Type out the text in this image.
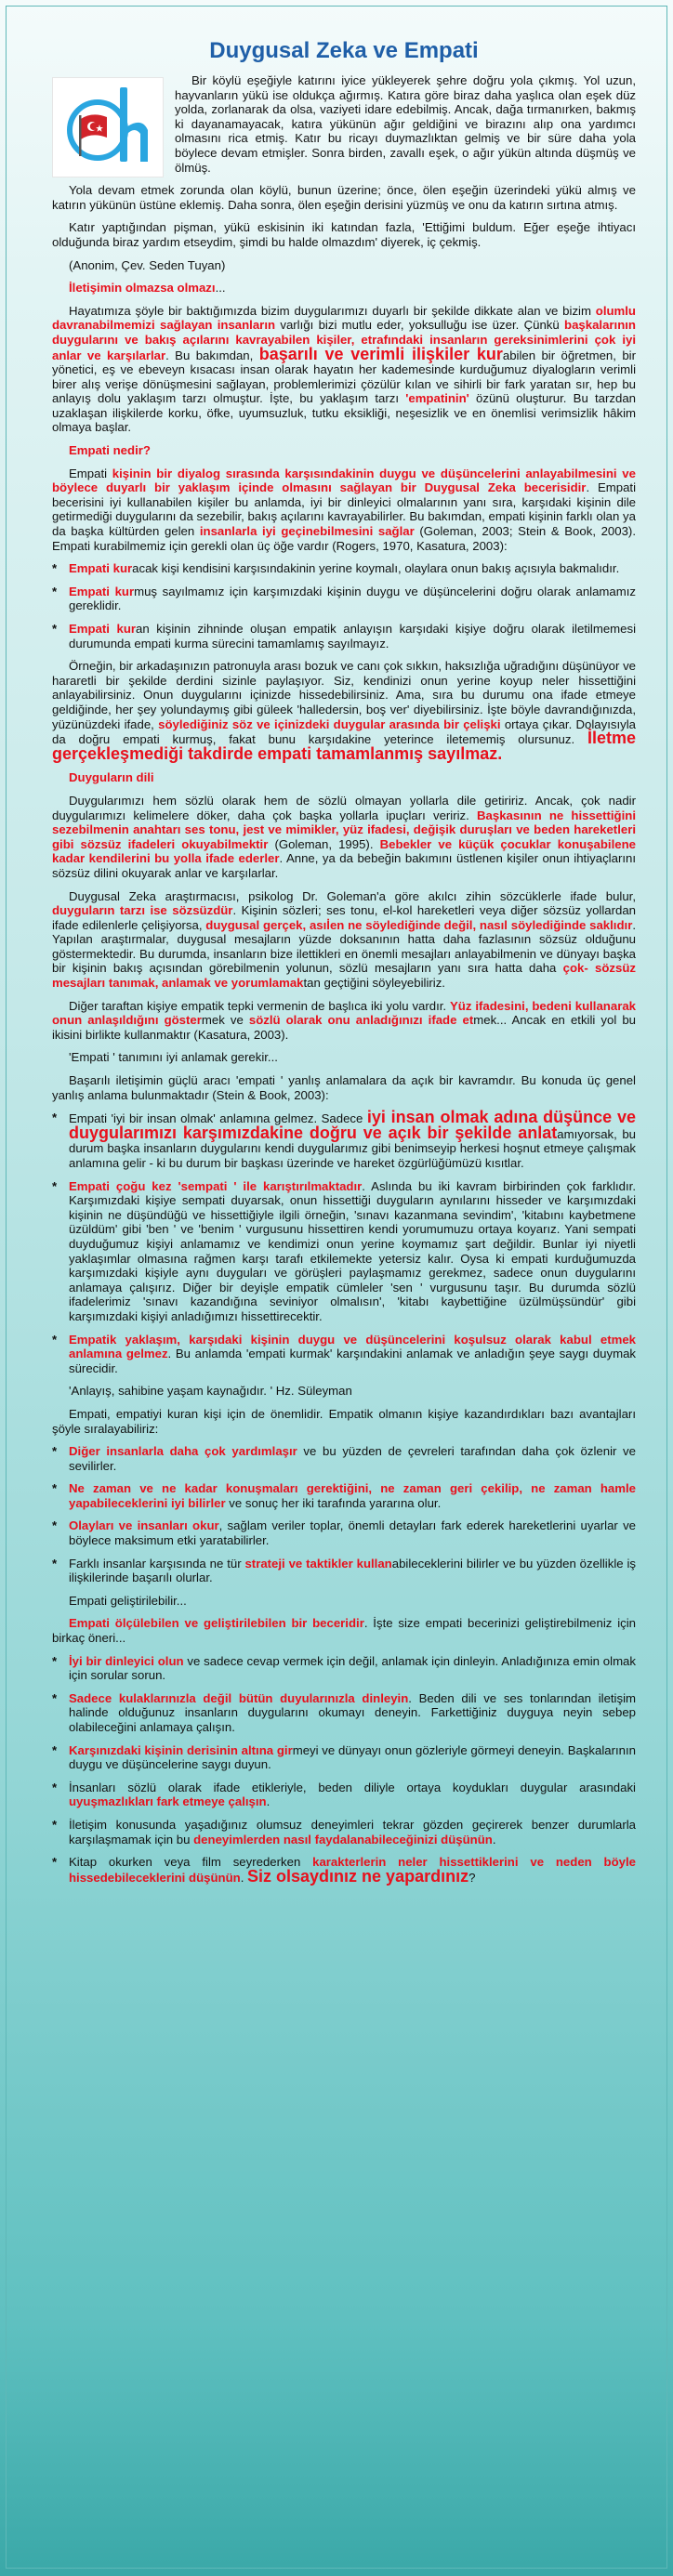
Duygusal Zeka ve Empati

Bir köylü eşeğiyle katırını iyice yükleyerek şehre doğru yola çıkmış. Yol uzun, hayvanların yükü ise oldukça ağırmış. Katıra göre biraz daha yaşlıca olan eşek düz yolda, zorlanarak da olsa, vaziyeti idare edebilmiş. Ancak, dağa tırmanırken, bakmış ki dayanamayacak, katıra yükünün ağır geldiğini ve birazını alıp ona yardımcı olmasını rica etmiş. Katır bu ricayı duymazlıktan gelmiş ve bir süre daha yola böylece devam etmişler. Sonra birden, zavallı eşek, o ağır yükün altında düşmüş ve ölmüş.

Yola devam etmek zorunda olan köylü, bunun üzerine; önce, ölen eşeğin üzerindeki yükü almış ve katırın yükünün üstüne eklemiş. Daha sonra, ölen eşeğin derisini yüzmüş ve onu da katırın sırtına atmış.

Katır yaptığından pişman, yükü eskisinin iki katından fazla, 'Ettiğimi buldum. Eğer eşeğe ihtiyacı olduğunda biraz yardım etseydim, şimdi bu halde olmazdım' diyerek, iç çekmiş.

(Anonim, Çev. Seden Tuyan)

İletişimin olmazsa olmazı...

Hayatımıza şöyle bir baktığımızda bizim duygularımızı duyarlı bir şekilde dikkate alan ve bizim olumlu davranabilmemizi sağlayan insanların varlığı bizi mutlu eder, yoksulluğu ise üzer. Çünkü başkalarının duygularını ve bakış açılarını kavrayabilen kişiler, etrafındaki insanların gereksinimlerini çok iyi anlar ve karşılarlar. Bu bakımdan, başarılı ve verimli ilişkiler kurabilen bir öğretmen, bir yönetici, eş ve ebeveyn kısacası insan olarak hayatın her kademesinde kurduğumuz diyalogların verimli birer alış verişe dönüşmesini sağlayan, problemlerimizi çözülür kılan ve sihirli bir fark yaratan sır, hep bu anlayış dolu yaklaşım tarzı olmuştur. İşte, bu yaklaşım tarzı 'empatinin' özünü oluşturur. Bu tarzdan uzaklaşan ilişkilerde korku, öfke, uyumsuzluk, tutku eksikliği, neşesizlik ve en önemlisi verimsizlik hâkim olmaya başlar.

Empati nedir?

Empati kişinin bir diyalog sırasında karşısındakinin duygu ve düşüncelerini anlayabilmesini ve böylece duyarlı bir yaklaşım içinde olmasını sağlayan bir Duygusal Zeka becerisidir. Empati becerisini iyi kullanabilen kişiler bu anlamda, iyi bir dinleyici olmalarının yanı sıra, karşıdaki kişinin dile getirmediği duygularını da sezebilir, bakış açılarını kavrayabilirler. Bu bakımdan, empati kişinin farklı olan ya da başka kültürden gelen insanlarla iyi geçinebilmesini sağlar (Goleman, 2003; Stein & Book, 2003). Empati kurabilmemiz için gerekli olan üç öğe vardır (Rogers, 1970, Kasatura, 2003):

* Empati kuracak kişi kendisini karşısındakinin yerine koymalı, olaylara onun bakış açısıyla bakmalıdır.
* Empati kurmuş sayılmamız için karşımızdaki kişinin duygu ve düşüncelerini doğru olarak anlamamız gereklidir.
* Empati kuran kişinin zihninde oluşan empatik anlayışın karşıdaki kişiye doğru olarak iletilmemesi durumunda empati kurma sürecini tamamlamış sayılmayız.

Örneğin, bir arkadaşınızın patronuyla arası bozuk ve canı çok sıkkın, haksızlığa uğradığını düşünüyor ve hararetli bir şekilde derdini sizinle paylaşıyor. Siz, kendinizi onun yerine koyup neler hissettiğini anlayabilirsiniz. Onun duygularını içinizde hissedebilirsiniz. Ama, sıra bu durumu ona ifade etmeye geldiğinde, her şey yolundaymış gibi güleek 'halledersin, boş ver' diyebilirsiniz. İşte böyle davrandığınızda, yüzünüzdeki ifade, söylediğiniz söz ve içinizdeki duygular arasında bir çelişki ortaya çıkar. Dolayısıyla da doğru empati kurmuş, fakat bunu karşıdakine yeterince iletememiş olursunuz. İletme gerçekleşmediği takdirde empati tamamlanmış sayılmaz.

Duyguların dili

Duygularımızı hem sözlü olarak hem de sözlü olmayan yollarla dile getiririz. Ancak, çok nadir duygularımızı kelimelere döker, daha çok başka yollarla ipuçları veririz. Başkasının ne hissettiğini sezebilmenin anahtarı ses tonu, jest ve mimikler, yüz ifadesi, değişik duruşları ve beden hareketleri gibi sözsüz ifadeleri okuyabilmektir (Goleman, 1995). Bebekler ve küçük çocuklar konuşabilene kadar kendilerini bu yolla ifade ederler. Anne, ya da bebeğin bakımını üstlenen kişiler onun ihtiyaçlarını sözsüz dilini okuyarak anlar ve karşılarlar.

Duygusal Zeka araştırmacısı, psikolog Dr. Goleman'a göre akılcı zihin sözcüklerle ifade bulur, duyguların tarzı ise sözsüzdür. Kişinin sözleri; ses tonu, el-kol hareketleri veya diğer sözsüz yollardan ifade edilenlerle çelişiyorsa, duygusal gerçek, asıl̇en ne söylediğinde değil, nasıl söylediğinde saklıdır. Yapılan araştırmalar, duygusal mesajların yüzde doksanının hatta daha fazlasının sözsüz olduğunu göstermektedir. Bu durumda, insanların bize ilettikleri en önemli mesajları anlayabilmenin ve dünyayı başka bir kişinin bakış açısından görebilmenin yolunun, sözlü mesajların yanı sıra hatta daha çok- sözsüz mesajları tanımak, anlamak ve yorumlamaktan geçtiğini söyleyebiliriz.

Diğer taraftan kişiye empatik tepki vermenin de başlıca iki yolu vardır. Yüz ifadesini, bedeni kullanarak onun anlaşıldığını göstermek ve sözlü olarak onu anladığınızı ifade etmek... Ancak en etkili yol bu ikisini birlikte kullanmaktır (Kasatura, 2003).

'Empati ' tanımını iyi anlamak gerekir...

Başarılı iletişimin güçlü aracı 'empati ' yanlış anlamalara da açık bir kavramdır. Bu konuda üç genel yanlış anlama bulunmaktadır (Stein & Book, 2003):

* Empati 'iyi bir insan olmak' anlamına gelmez. Sadece iyi insan olmak adına düşünce ve duygularımızı karşımızdakine doğru ve açık bir şekilde anlatamıyorsak, bu durum başka insanların duygularını kendi duygularımız gibi benimseyip herkesi hoşnut etmeye çalışmak anlamına gelir - ki bu durum bir başkası üzerinde ve hareket özgürlüğümüzü kısıtlar.
* Empati çoğu kez 'sempati ' ile karıştırılmaktadır. Aslında bu iki kavram birbirinden çok farklıdır. Karşımızdaki kişiye sempati duyarsak, onun hissettiği duyguların aynılarını hisseder ve karşımızdaki kişinin ne düşündüğü ve hissettiğiyle ilgili örneğin, 'sınavı kazanmana sevindim', 'kitabını kaybetmene üzüldüm' gibi 'ben ' ve 'benim ' vurgusunu hissettiren kendi yorumumuzu ortaya koyarız. Yani sempati duyduğumuz kişiyi anlamamız ve kendimizi onun yerine koymamız şart değildir. Bunlar iyi niyetli yaklaşımlar olmasına rağmen karşı tarafı etkilemekte yetersiz kalır. Oysa ki empati kurduğumuzda karşımızdaki kişiyle aynı duyguları ve görüşleri paylaşmamız gerekmez, sadece onun duygularını anlamaya çalışırız. Diğer bir deyişle empatik cümleler 'sen ' vurgusunu taşır. Bu durumda sözlü ifadelerimiz 'sınavı kazandığına seviniyor olmalısın', 'kitabı kaybettiğine üzülmüşsündür' gibi karşımızdaki kişiyi anladığımızı hissettirecektir.
* Empatik yaklaşım, karşıdaki kişinin duygu ve düşüncelerini koşulsuz olarak kabul etmek anlamına gelmez. Bu anlamda 'empati kurmak' karşındakini anlamak ve anladığın şeye saygı duymak sürecidir.

'Anlayış, sahibine yaşam kaynağıdır. ' Hz. Süleyman

Empati, empatiyi kuran kişi için de önemlidir. Empatik olmanın kişiye kazandırdıkları bazı avantajları şöyle sıralayabiliriz:

* Diğer insanlarla daha çok yardımlaşır ve bu yüzden de çevreleri tarafından daha çok özlenir ve sevilirler.
* Ne zaman ve ne kadar konuşmaları gerektiğini, ne zaman geri çekilip, ne zaman hamle yapabileceklerini iyi bilirler ve sonuç her iki tarafında yararına olur.
* Olayları ve insanları okur, sağlam veriler toplar, önemli detayları fark ederek hareketlerini uyarlar ve böylece maksimum etki yaratabilirler.
* Farklı insanlar karşısında ne tür strateji ve taktikler kullanabileceklerini bilirler ve bu yüzden özellikle iş ilişkilerinde başarılı olurlar.

Empati geliştirilebilir...

Empati ölçülebilen ve geliştirilebilen bir beceridir. İşte size empati becerinizi geliştirebilmeniz için birkaç öneri...

* İyi bir dinleyici olun ve sadece cevap vermek için değil, anlamak için dinleyin. Anladığınıza emin olmak için sorular sorun.
* Sadece kulaklarınızla değil bütün duyularınızla dinleyin. Beden dili ve ses tonlarından iletişim halinde olduğunuz insanların duygularını okumayı deneyin. Farkettiğiniz duyguya neyin sebep olabileceğini anlamaya çalışın.
* Karşınızdaki kişinin derisinin altına girmeyi ve dünyayı onun gözleriyle görmeyi deneyin. Başkalarının duygu ve düşüncelerine saygı duyun.
* İnsanları sözlü olarak ifade etikleriyle, beden diliyle ortaya koydukları duygular arasındaki uyuşmazlıkları fark etmeye çalışın.
* İletişim konusunda yaşadığınız olumsuz deneyimleri tekrar gözden geçirerek benzer durumlarla karşılaşmamak için bu deneyimlerden nasıl faydalanabileceğinizi düşünün.
* Kitap okurken veya film seyrederken karakterlerin neler hissettiklerini ve neden böyle hissedebileceklerini düşünün. Siz olsaydınız ne yapardınız?
